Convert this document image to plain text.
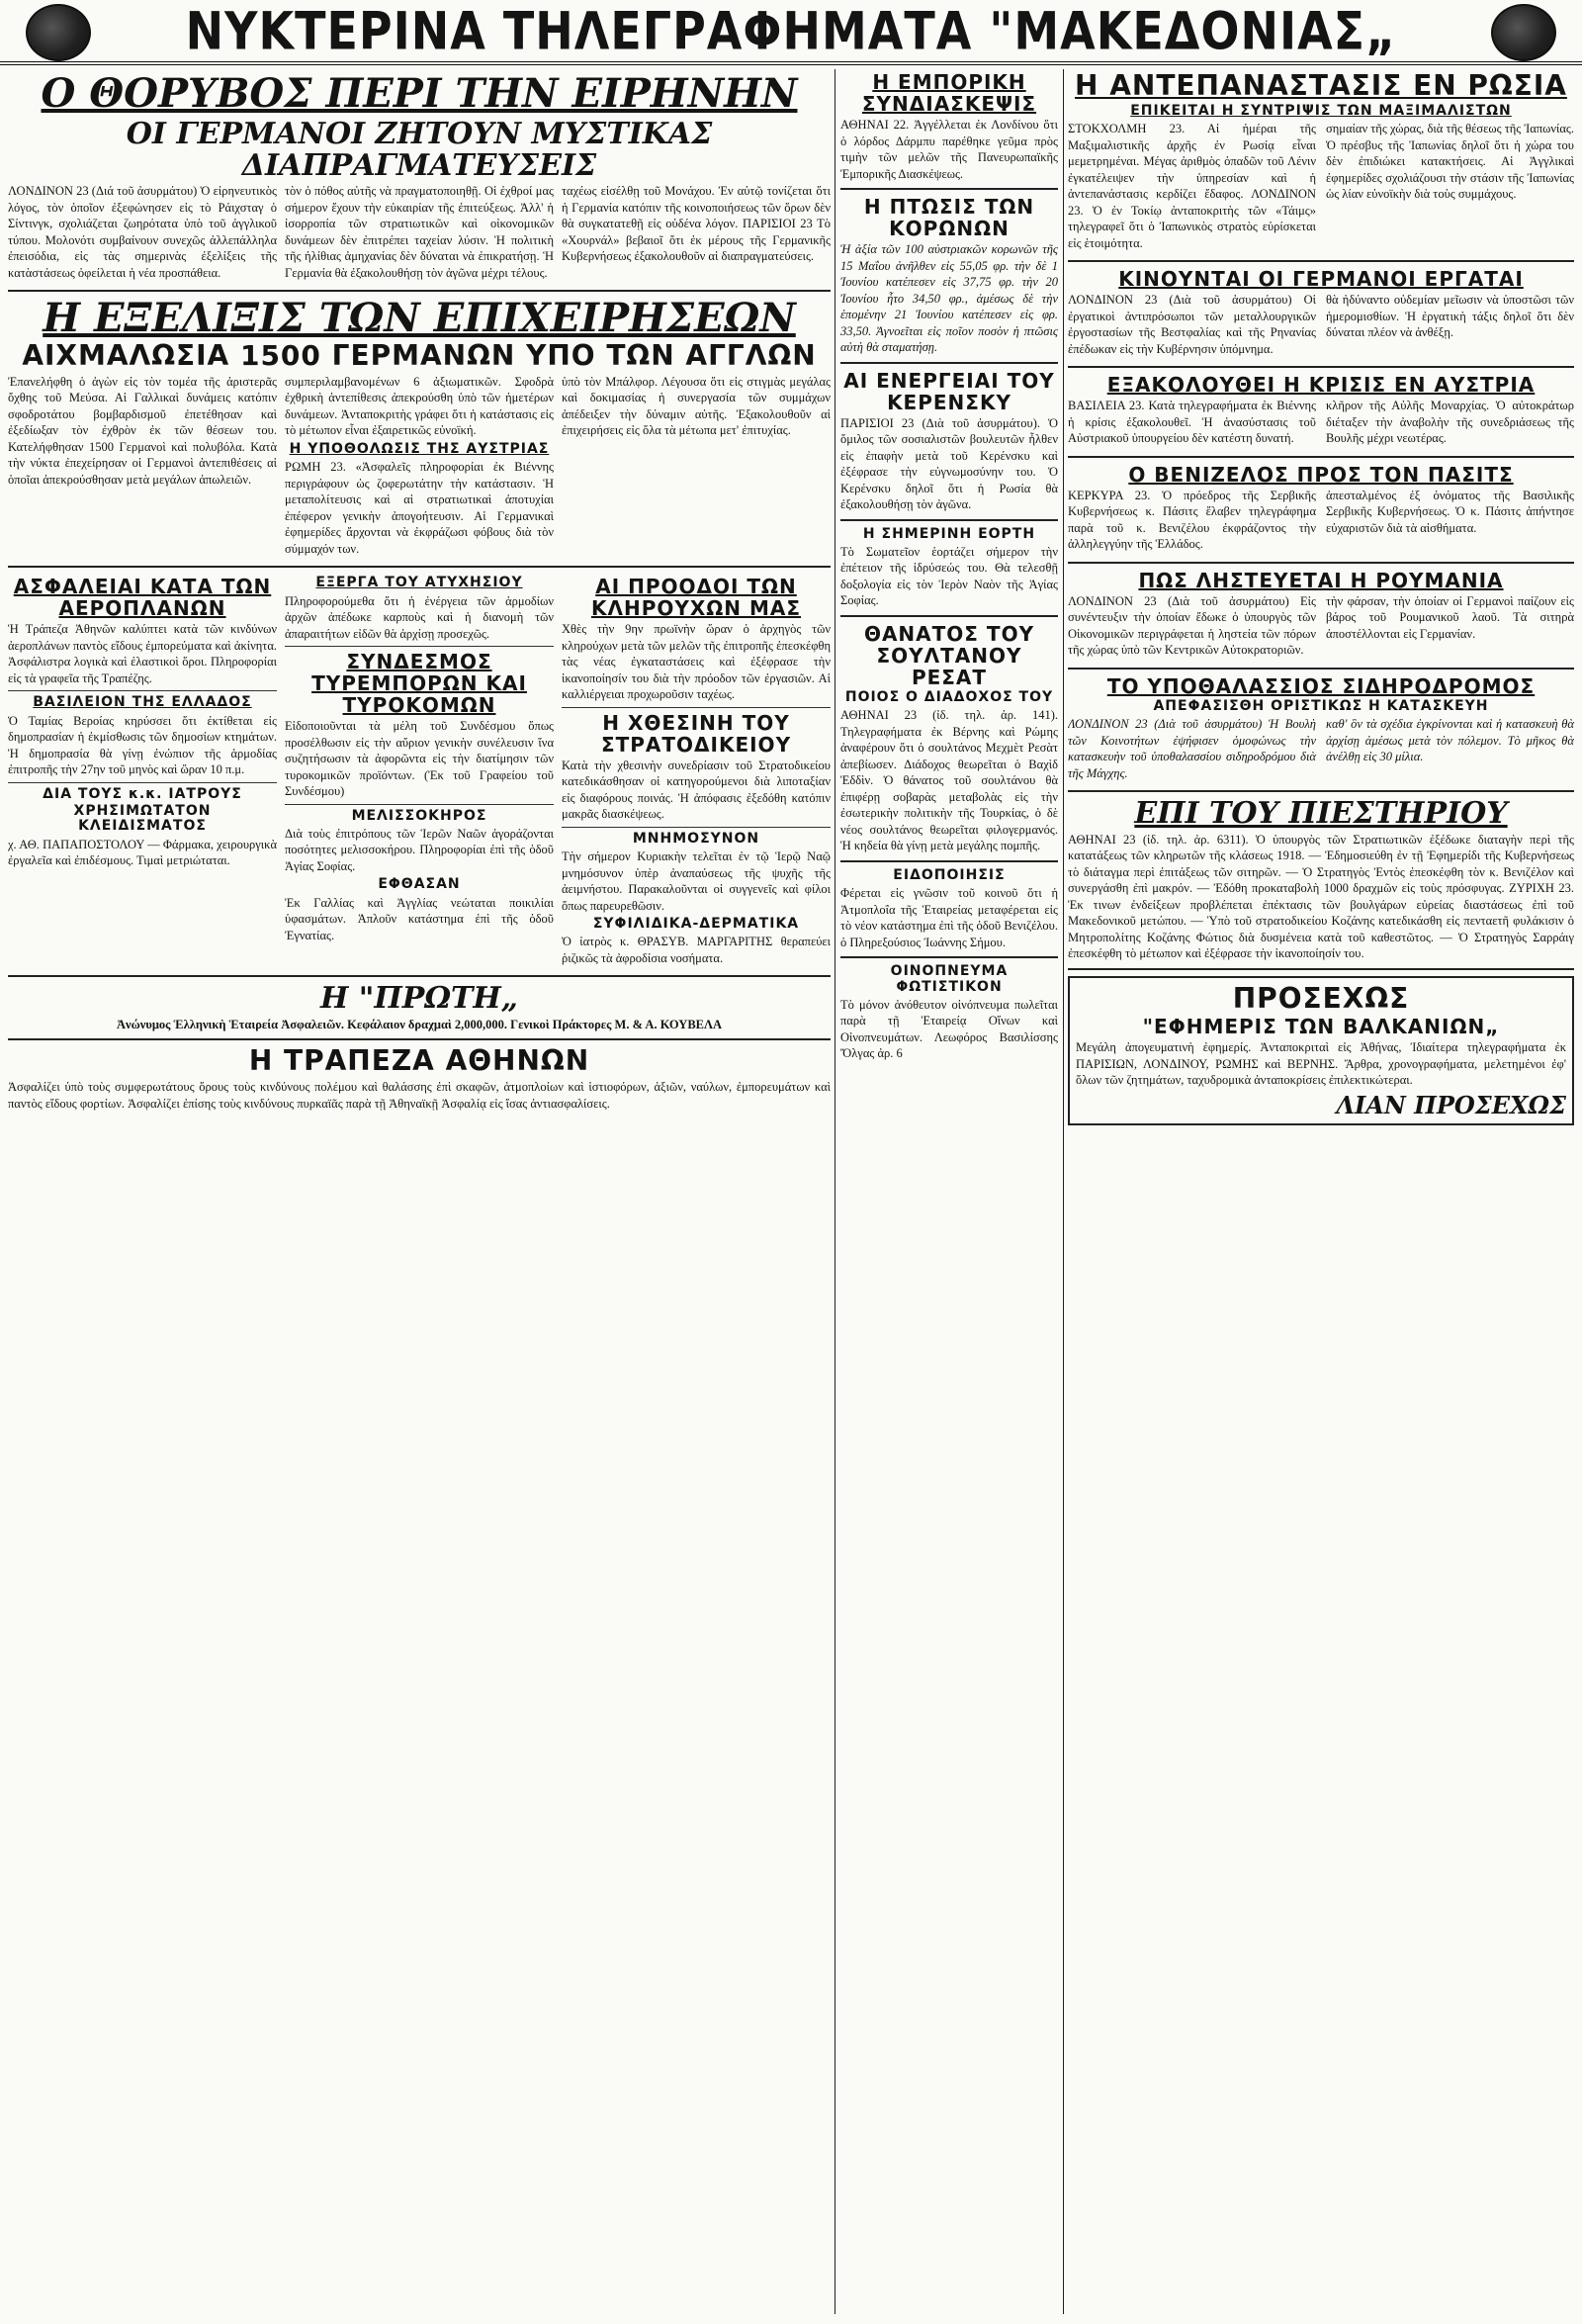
ΝΥΚΤΕΡΙΝΑ ΤΗΛΕΓΡΑΦΗΜΑΤΑ "ΜΑΚΕΔΟΝΙΑΣ„
Ο ΘΟΡΥΒΟΣ ΠΕΡΙ ΤΗΝ ΕΙΡΗΝΗΝ
ΟΙ ΓΕΡΜΑΝΟΙ ΖΗΤΟΥΝ ΜΥΣΤΙΚΑΣ ΔΙΑΠΡΑΓΜΑΤΕΥΣΕΙΣ

ΛΟΝΔΙΝΟΝ 23 (Διά τοῦ ἀσυρμάτου) Ὁ εἰρηνευτικὸς λόγος, τὸν ὁποῖον ἐξεφώνησεν εἰς τὸ Ράιχσταγ ὁ Σίντινγκ, σχολιάζεται ζωηρότατα ὑπὸ τοῦ ἀγγλικοῦ τύπου. Μολονότι συμβαίνουν συνεχῶς ἀλλεπάλληλα ἐπεισόδια, εἰς τὰς σημερινὰς ἐξελίξεις τῆς κατὰστάσεως ὀφείλεται ἡ νέα προσπάθεια.

τὸν ὁ πόθος αὐτῆς νὰ πραγματοποιηθῇ. Οἱ ἐχθροί μας σήμερον ἔχουν τὴν εὐκαιρίαν τῆς ἐπιτεύξεως. Ἀλλ' ἡ ἰσορροπία τῶν στρατιωτικῶν καὶ οἰκονομικῶν δυνάμεων δὲν ἐπιτρέπει ταχείαν λύσιν. Ἡ πολιτικὴ τῆς ἠλίθιας ἀμηχανίας δὲν δύναται νὰ ἐπικρατήσῃ. Ἡ Γερμανία θὰ ἐξακολουθήσῃ τὸν ἀγῶνα μέχρι τέλους.

ταχέως εἰσέλθῃ τοῦ Μονάχου. Ἐν αὐτῷ τονίζεται ὅτι ἡ Γερμανία κατόπιν τῆς κοινοποιήσεως τῶν ὅρων δὲν θὰ συγκατατεθῇ εἰς οὐδένα λόγον. ΠΑΡΙΣΙΟΙ 23 Τὸ «Χουρνάλ» βεβαιοῖ ὅτι ἐκ μέρους τῆς Γερμανικῆς Κυβερνήσεως ἐξακολουθοῦν αἱ διαπραγματεύσεις.

Η ΕΞΕΛΙΞΙΣ ΤΩΝ ΕΠΙΧΕΙΡΗΣΕΩΝ
ΑΙΧΜΑΛΩΣΙΑ 1500 ΓΕΡΜΑΝΩΝ ΥΠΟ ΤΩΝ ΑΓΓΛΩΝ

Ἐπανελήφθη ὁ ἀγὼν εἰς τὸν τομέα τῆς ἀριστερᾶς ὄχθης τοῦ Μεύσα. Αἱ Γαλλικαὶ δυνάμεις κατόπιν σφοδροτάτου βομβαρδισμοῦ ἐπετέθησαν καὶ ἐξεδίωξαν τὸν ἐχθρὸν ἐκ τῶν θέσεων του. Κατελήφθησαν 1500 Γερμανοὶ καὶ πολυβόλα. Κατὰ τὴν νύκτα ἐπεχείρησαν οἱ Γερμανοὶ ἀντεπιθέσεις αἱ ὁποῖαι ἀπεκρούσθησαν μετὰ μεγάλων ἀπωλειῶν.

συμπεριλαμβανομένων 6 ἀξιωματικῶν. Σφοδρὰ ἐχθρικὴ ἀντεπίθεσις ἀπεκρούσθη ὑπὸ τῶν ἡμετέρων δυνάμεων. Ἀνταποκριτὴς γράφει ὅτι ἡ κατάστασις εἰς τὸ μέτωπον εἶναι ἐξαιρετικῶς εὐνοϊκή.

Η ΥΠΟΘΟΛΩΣΙΣ ΤΗΣ ΑΥΣΤΡΙΑΣ

ΡΩΜΗ 23. «Ἀσφαλεῖς πληροφορίαι ἐκ Βιέννης περιγράφουν ὡς ζοφερωτάτην τὴν κατάστασιν. Ἡ μεταπολίτευσις καὶ αἱ στρατιωτικαὶ ἀποτυχίαι ἐπέφερον γενικὴν ἀπογοήτευσιν. Αἱ Γερμανικαὶ ἐφημερίδες ἄρχονται νὰ ἐκφράζωσι φόβους διὰ τὸν σύμμαχόν των.

ὑπὸ τὸν Μπάλφορ. Λέγουσα ὅτι εἰς στιγμὰς μεγάλας καὶ δοκιμασίας ἡ συνεργασία τῶν συμμάχων ἀπέδειξεν τὴν δύναμιν αὐτῆς. Ἐξακολουθοῦν αἱ ἐπιχειρήσεις εἰς ὅλα τὰ μέτωπα μετ' ἐπιτυχίας.

ΑΣΦΑΛΕΙΑΙ ΚΑΤΑ ΤΩΝ ΑΕΡΟΠΛΑΝΩΝ

Ἡ Τράπεζα Ἀθηνῶν καλύπτει κατὰ τῶν κινδύνων ἀεροπλάνων παντὸς εἴδους ἐμπορεύματα καὶ ἀκίνητα. Ἀσφάλιστρα λογικὰ καὶ ἐλαστικοὶ ὅροι. Πληροφορίαι εἰς τὰ γραφεῖα τῆς Τραπέζης.

ΒΑΣΙΛΕΙΟΝ ΤΗΣ ΕΛΛΑΔΟΣ

Ὁ Ταμίας Βεροίας κηρύσσει ὅτι ἐκτίθεται εἰς δημοπρασίαν ἡ ἐκμίσθωσις τῶν δημοσίων κτημάτων. Ἡ δημοπρασία θὰ γίνῃ ἐνώπιον τῆς ἁρμοδίας ἐπιτροπῆς τὴν 27ην τοῦ μηνὸς καὶ ὥραν 10 π.μ.

ΔΙΑ ΤΟΥΣ κ.κ. ΙΑΤΡΟΥΣ
ΧΡΗΣΙΜΩΤΑΤΟΝ ΚΛΕΙΔΙΣΜΑΤΟΣ

χ. ΑΘ. ΠΑΠΑΠΟΣΤΟΛΟΥ — Φάρμακα, χειρουργικὰ ἐργαλεῖα καὶ ἐπιδέσμους. Τιμαὶ μετριώταται.

ΕΞΕΡΓΑ ΤΟΥ ΑΤΥΧΗΣΙΟΥ

Πληροφορούμεθα ὅτι ἡ ἐνέργεια τῶν ἁρμοδίων ἀρχῶν ἀπέδωκε καρποὺς καὶ ἡ διανομὴ τῶν ἀπαραιτήτων εἰδῶν θὰ ἀρχίσῃ προσεχῶς.

ΣΥΝΔΕΣΜΟΣ ΤΥΡΕΜΠΟΡΩΝ ΚΑΙ ΤΥΡΟΚΟΜΩΝ

Εἰδοποιοῦνται τὰ μέλη τοῦ Συνδέσμου ὅπως προσέλθωσιν εἰς τὴν αὔριον γενικὴν συνέλευσιν ἵνα συζητήσωσιν τὰ ἀφορῶντα εἰς τὴν διατίμησιν τῶν τυροκομικῶν προϊόντων. (Ἐκ τοῦ Γραφείου τοῦ Συνδέσμου)

ΜΕΛΙΣΣΟΚΗΡΟΣ

Διὰ τοὺς ἐπιτρόπους τῶν Ἱερῶν Ναῶν ἀγοράζονται ποσότητες μελισσοκήρου. Πληροφορίαι ἐπὶ τῆς ὁδοῦ Ἁγίας Σοφίας.

ΕΦΘΑΣΑΝ

Ἐκ Γαλλίας καὶ Ἀγγλίας νεώταται ποικιλίαι ὑφασμάτων. Ἁπλοῦν κατάστημα ἐπὶ τῆς ὁδοῦ Ἐγνατίας.

ΑΙ ΠΡΟΟΔΟΙ ΤΩΝ ΚΛΗΡΟΥΧΩΝ ΜΑΣ

Χθὲς τὴν 9ην πρωϊνὴν ὥραν ὁ ἀρχηγὸς τῶν κληρούχων μετὰ τῶν μελῶν τῆς ἐπιτροπῆς ἐπεσκέφθη τὰς νέας ἐγκαταστάσεις καὶ ἐξέφρασε τὴν ἱκανοποίησίν του διὰ τὴν πρόοδον τῶν ἐργασιῶν. Αἱ καλλιέργειαι προχωροῦσιν ταχέως.

Η ΧΘΕΣΙΝΗ ΤΟΥ ΣΤΡΑΤΟΔΙΚΕΙΟΥ

Κατὰ τὴν χθεσινὴν συνεδρίασιν τοῦ Στρατοδικείου κατεδικάσθησαν οἱ κατηγορούμενοι διὰ λιποταξίαν εἰς διαφόρους ποινάς. Ἡ ἀπόφασις ἐξεδόθη κατόπιν μακρᾶς διασκέψεως.

ΜΝΗΜΟΣΥΝΟΝ

Τὴν σήμερον Κυριακὴν τελεῖται ἐν τῷ Ἱερῷ Ναῷ μνημόσυνον ὑπὲρ ἀναπαύσεως τῆς ψυχῆς τῆς ἀειμνήστου. Παρακαλοῦνται οἱ συγγενεῖς καὶ φίλοι ὅπως παρευρεθῶσιν.

ΣΥΦΙΛΙΔΙΚΑ-ΔΕΡΜΑΤΙΚΑ

Ὁ ἰατρὸς κ. ΘΡΑΣΥΒ. ΜΑΡΓΑΡΙΤΗΣ θεραπεύει ῥιζικῶς τὰ ἀφροδίσια νοσήματα.

Η "ΠΡΩΤΗ„

Ἀνώνυμος Ἑλληνικὴ Ἑταιρεία Ἀσφαλειῶν. Κεφάλαιον δραχμαὶ 2,000,000. Γενικοὶ Πράκτορες Μ. & Α. ΚΟΥΒΕΛΑ

Η ΤΡΑΠΕΖΑ ΑΘΗΝΩΝ

Ἀσφαλίζει ὑπὸ τοὺς συμφερωτάτους ὅρους τοὺς κινδύνους πολέμου καὶ θαλάσσης ἐπὶ σκαφῶν, ἀτμοπλοίων καὶ ἱστιοφόρων, ἀξιῶν, ναύλων, ἐμπορευμάτων καὶ παντὸς εἴδους φορτίων. Ἀσφαλίζει ἐπίσης τοὺς κινδύνους πυρκαϊᾶς παρὰ τῇ Ἀθηναϊκῇ Ἀσφαλίᾳ εἰς ἴσας ἀντιασφαλίσεις.

Η ΕΜΠΟΡΙΚΗ ΣΥΝΔΙΑΣΚΕΨΙΣ

ΑΘΗΝΑΙ 22. Ἀγγέλλεται ἐκ Λονδίνου ὅτι ὁ λόρδος Δάρμπυ παρέθηκε γεῦμα πρὸς τιμὴν τῶν μελῶν τῆς Πανευρωπαϊκῆς Ἐμπορικῆς Διασκέψεως.

Η ΠΤΩΣΙΣ ΤΩΝ ΚΟΡΩΝΩΝ

Ἡ ἀξία τῶν 100 αὐστριακῶν κορωνῶν τῆς 15 Μαΐου ἀνῆλθεν εἰς 55,05 φρ. τὴν δὲ 1 Ἰουνίου κατέπεσεν εἰς 37,75 φρ. τὴν 20 Ἰουνίου ἦτο 34,50 φρ., ἀμέσως δὲ τὴν ἑπομένην 21 Ἰουνίου κατέπεσεν εἰς φρ. 33,50. Ἀγνοεῖται εἰς ποῖον ποσὸν ἡ πτῶσις αὐτὴ θὰ σταματήσῃ.

ΑΙ ΕΝΕΡΓΕΙΑΙ ΤΟΥ ΚΕΡΕΝΣΚΥ

ΠΑΡΙΣΙΟΙ 23 (Διὰ τοῦ ἀσυρμάτου). Ὁ ὅμιλος τῶν σοσιαλιστῶν βουλευτῶν ἦλθεν εἰς ἐπαφὴν μετὰ τοῦ Κερένσκυ καὶ ἐξέφρασε τὴν εὐγνωμοσύνην του. Ὁ Κερένσκυ δηλοῖ ὅτι ἡ Ρωσία θὰ ἐξακολουθήσῃ τὸν ἀγῶνα.

Η ΣΗΜΕΡΙΝΗ ΕΟΡΤΗ

Τὸ Σωματεῖον ἑορτάζει σήμερον τὴν ἐπέτειον τῆς ἱδρύσεώς του. Θὰ τελεσθῇ δοξολογία εἰς τὸν Ἱερὸν Ναὸν τῆς Ἁγίας Σοφίας.

ΘΑΝΑΤΟΣ ΤΟΥ ΣΟΥΛΤΑΝΟΥ ΡΕΣΑΤ
ΠΟΙΟΣ Ο ΔΙΑΔΟΧΟΣ ΤΟΥ

ΑΘΗΝΑΙ 23 (ἰδ. τηλ. ἀρ. 141). Τηλεγραφήματα ἐκ Βέρνης καὶ Ρώμης ἀναφέρουν ὅτι ὁ σουλτάνος Μεχμὲτ Ρεσὰτ ἀπεβίωσεν. Διάδοχος θεωρεῖται ὁ Βαχὶδ Ἐδδὶν. Ὁ θάνατος τοῦ σουλτάνου θὰ ἐπιφέρῃ σοβαρὰς μεταβολὰς εἰς τὴν ἐσωτερικὴν πολιτικὴν τῆς Τουρκίας, ὁ δὲ νέος σουλτάνος θεωρεῖται φιλογερμανός. Ἡ κηδεία θὰ γίνῃ μετὰ μεγάλης πομπῆς.

ΕΙΔΟΠΟΙΗΣΙΣ

Φέρεται εἰς γνῶσιν τοῦ κοινοῦ ὅτι ἡ Ἀτμοπλοΐα τῆς Ἑταιρείας μεταφέρεται εἰς τὸ νέον κατάστημα ἐπὶ τῆς ὁδοῦ Βενιζέλου. ὁ Πληρεξούσιος Ἰωάννης Σήμου.

ΟΙΝΟΠΝΕΥΜΑ ΦΩΤΙΣΤΙΚΟΝ

Τὸ μόνον ἀνόθευτον οἰνόπνευμα πωλεῖται παρὰ τῇ Ἑταιρείᾳ Οἴνων καὶ Οἰνοπνευμάτων. Λεωφόρος Βασιλίσσης Ὄλγας ἀρ. 6

Η ΑΝΤΕΠΑΝΑΣΤΑΣΙΣ ΕΝ ΡΩΣΙΑ
ΕΠΙΚΕΙΤΑΙ Η ΣΥΝΤΡΙΨΙΣ ΤΩΝ ΜΑΞΙΜΑΛΙΣΤΩΝ

ΣΤΟΚΧΟΛΜΗ 23. Αἱ ἡμέραι τῆς Μαξιμαλιστικῆς ἀρχῆς ἐν Ρωσίᾳ εἶναι μεμετρημέναι. Μέγας ἀριθμὸς ὀπαδῶν τοῦ Λένιν ἐγκατέλειψεν τὴν ὑπηρεσίαν καὶ ἡ ἀντεπανάστασις κερδίζει ἔδαφος. ΛΟΝΔΙΝΟΝ 23. Ὁ ἐν Τοκίῳ ἀνταποκριτὴς τῶν «Τάιμς» τηλεγραφεῖ ὅτι ὁ Ἰαπωνικὸς στρατὸς εὑρίσκεται εἰς ἑτοιμότητα.

σημαίαν τῆς χώρας, διὰ τῆς θέσεως τῆς Ἰαπωνίας. Ὁ πρέσβυς τῆς Ἰαπωνίας δηλοῖ ὅτι ἡ χώρα του δὲν ἐπιδιώκει κατακτήσεις. Αἱ Ἀγγλικαὶ ἐφημερίδες σχολιάζουσι τὴν στάσιν τῆς Ἰαπωνίας ὡς λίαν εὐνοϊκὴν διὰ τοὺς συμμάχους.

ΚΙΝΟΥΝΤΑΙ ΟΙ ΓΕΡΜΑΝΟΙ ΕΡΓΑΤΑΙ

ΛΟΝΔΙΝΟΝ 23 (Διὰ τοῦ ἀσυρμάτου) Οἱ ἐργατικοὶ ἀντιπρόσωποι τῶν μεταλλουργικῶν ἐργοστασίων τῆς Βεστφαλίας καὶ τῆς Ρηνανίας ἐπέδωκαν εἰς τὴν Κυβέρνησιν ὑπόμνημα.

θὰ ἠδύναντο οὐδεμίαν μεῖωσιν νὰ ὑποστῶσι τῶν ἡμερομισθίων. Ἡ ἐργατικὴ τάξις δηλοῖ ὅτι δὲν δύναται πλέον νὰ ἀνθέξῃ.

ΕΞΑΚΟΛΟΥΘΕΙ Η ΚΡΙΣΙΣ ΕΝ ΑΥΣΤΡΙΑ

ΒΑΣΙΛΕΙΑ 23. Κατὰ τηλεγραφήματα ἐκ Βιέννης ἡ κρίσις ἐξακολουθεῖ. Ἡ ἀνασύστασις τοῦ Αὐστριακοῦ ὑπουργείου δὲν κατέστη δυνατή.

κλῆρον τῆς Αὐλῆς Μοναρχίας. Ὁ αὐτοκράτωρ διέταξεν τὴν ἀναβολὴν τῆς συνεδριάσεως τῆς Βουλῆς μέχρι νεωτέρας.

Ο ΒΕΝΙΖΕΛΟΣ ΠΡΟΣ ΤΟΝ ΠΑΣΙΤΣ

ΚΕΡΚΥΡΑ 23. Ὁ πρόεδρος τῆς Σερβικῆς Κυβερνήσεως κ. Πάσιτς ἔλαβεν τηλεγράφημα παρὰ τοῦ κ. Βενιζέλου ἐκφράζοντος τὴν ἀλληλεγγύην τῆς Ἑλλάδος.

ἀπεσταλμένος ἐξ ὀνόματος τῆς Βασιλικῆς Σερβικῆς Κυβερνήσεως. Ὁ κ. Πάσιτς ἀπήντησε εὐχαριστῶν διὰ τὰ αἰσθήματα.

ΠΩΣ ΛΗΣΤΕΥΕΤΑΙ Η ΡΟΥΜΑΝΙΑ

ΛΟΝΔΙΝΟΝ 23 (Διὰ τοῦ ἀσυρμάτου) Εἰς συνέντευξιν τὴν ὁποίαν ἔδωκε ὁ ὑπουργὸς τῶν Οἰκονομικῶν περιγράφεται ἡ ληστεία τῶν πόρων τῆς χώρας ὑπὸ τῶν Κεντρικῶν Αὐτοκρατοριῶν.

τὴν φάρσαν, τὴν ὁποίαν οἱ Γερμανοὶ παίζουν εἰς βάρος τοῦ Ρουμανικοῦ λαοῦ. Τὰ σιτηρὰ ἀποστέλλονται εἰς Γερμανίαν.

ΤΟ ΥΠΟΘΑΛΑΣΣΙΟΣ ΣΙΔΗΡΟΔΡΟΜΟΣ
ΑΠΕΦΑΣΙΣΘΗ ΟΡΙΣΤΙΚΩΣ Η ΚΑΤΑΣΚΕΥΗ

ΛΟΝΔΙΝΟΝ 23 (Διὰ τοῦ ἀσυρμάτου) Ἡ Βουλὴ τῶν Κοινοτήτων ἐψήφισεν ὁμοφώνως τὴν κατασκευὴν τοῦ ὑποθαλασσίου σιδηροδρόμου διὰ τῆς Μάγχης.

καθ' ὃν τὰ σχέδια ἐγκρίνονται καὶ ἡ κατασκευὴ θὰ ἀρχίσῃ ἀμέσως μετὰ τὸν πόλεμον. Τὸ μῆκος θὰ ἀνέλθῃ εἰς 30 μίλια.

ΕΠΙ ΤΟΥ ΠΙΕΣΤΗΡΙΟΥ

ΑΘΗΝΑΙ 23 (ἰδ. τηλ. ἀρ. 6311). Ὁ ὑπουργὸς τῶν Στρατιωτικῶν ἐξέδωκε διαταγὴν περὶ τῆς κατατάξεως τῶν κληρωτῶν τῆς κλάσεως 1918. — Ἐδημοσιεύθη ἐν τῇ Ἐφημερίδι τῆς Κυβερνήσεως τὸ διάταγμα περὶ ἐπιτάξεως τῶν σιτηρῶν. — Ὁ Στρατηγὸς Ἐντὸς ἐπεσκέφθη τὸν κ. Βενιζέλον καὶ συνεργάσθη ἐπὶ μακρόν. — Ἐδόθη προκαταβολὴ 1000 δραχμῶν εἰς τοὺς πρόσφυγας. ΖΥΡΙΧΗ 23. Ἐκ τινων ἐνδείξεων προβλέπεται ἐπέκτασις τῶν βουλγάρων εὐρείας διαστάσεως ἐπὶ τοῦ Μακεδονικοῦ μετώπου. — Ὑπὸ τοῦ στρατοδικείου Κοζάνης κατεδικάσθη εἰς πενταετῆ φυλάκισιν ὁ Μητροπολίτης Κοζάνης Φώτιος διὰ δυσμένεια κατὰ τοῦ καθεστῶτος. — Ὁ Στρατηγὸς Σαρράιγ ἐπεσκέφθη τὸ μέτωπον καὶ ἐξέφρασε τὴν ἱκανοποίησίν του.

ΠΡΟΣΕΧΩΣ
"ΕΦΗΜΕΡΙΣ ΤΩΝ ΒΑΛΚΑΝΙΩΝ„

Μεγάλη ἀπογευματινὴ ἐφημερίς. Ἀνταποκριταὶ εἰς Ἀθήνας, Ἰδιαίτερα τηλεγραφήματα ἐκ ΠΑΡΙΣΙΩΝ, ΛΟΝΔΙΝΟΥ, ΡΩΜΗΣ καὶ ΒΕΡΝΗΣ. Ἄρθρα, χρονογραφήματα, μελετημένοι ἐφ' ὅλων τῶν ζητημάτων, ταχυδρομικὰ ἀνταποκρίσεις ἐπιλεκτικώτεραι.

ΛΙΑΝ ΠΡΟΣΕΧΩΣ
